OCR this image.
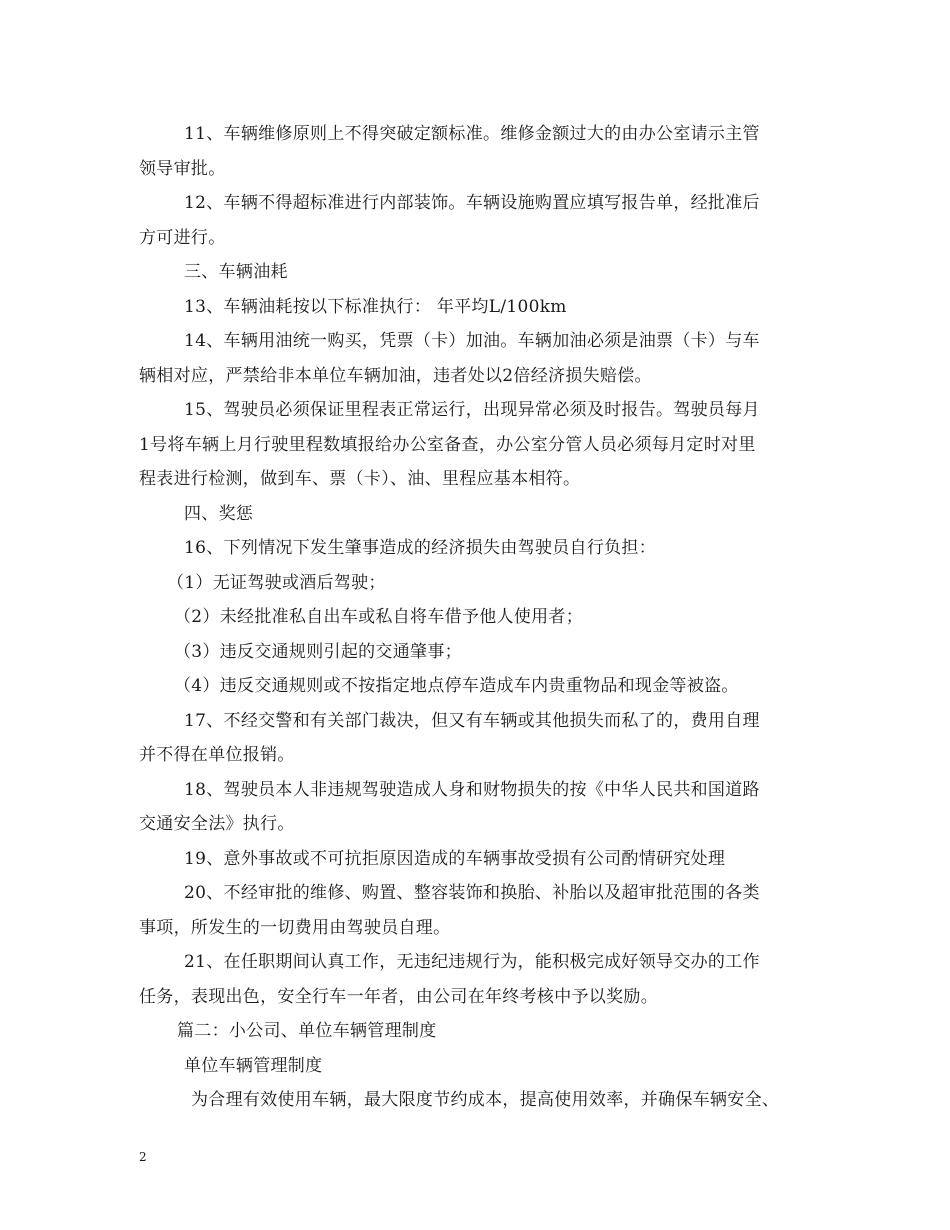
11、车辆维修原则上不得突破定额标准。维修金额过大的由办公室请示主管
领导审批。
12、车辆不得超标准进行内部装饰。车辆设施购置应填写报告单，经批准后
方可进行。
三、车辆油耗
13、车辆油耗按以下标准执行： 年平均L/100km
14、车辆用油统一购买，凭票（卡）加油。车辆加油必须是油票（卡）与车
辆相对应，严禁给非本单位车辆加油，违者处以2倍经济损失赔偿。
15、驾驶员必须保证里程表正常运行，出现异常必须及时报告。驾驶员每月
1号将车辆上月行驶里程数填报给办公室备查，办公室分管人员必须每月定时对里
程表进行检测，做到车、票（卡）、油、里程应基本相符。
四、奖惩
16、下列情况下发生肇事造成的经济损失由驾驶员自行负担：
（1）无证驾驶或酒后驾驶；
（2）未经批准私自出车或私自将车借予他人使用者；
（3）违反交通规则引起的交通肇事；
（4）违反交通规则或不按指定地点停车造成车内贵重物品和现金等被盗。
17、不经交警和有关部门裁决，但又有车辆或其他损失而私了的，费用自理
并不得在单位报销。
18、驾驶员本人非违规驾驶造成人身和财物损失的按《中华人民共和国道路
交通安全法》执行。
19、意外事故或不可抗拒原因造成的车辆事故受损有公司酌情研究处理
20、不经审批的维修、购置、整容装饰和换胎、补胎以及超审批范围的各类
事项，所发生的一切费用由驾驶员自理。
21、在任职期间认真工作，无违纪违规行为，能积极完成好领导交办的工作
任务，表现出色，安全行车一年者，由公司在年终考核中予以奖励。
篇二：小公司、单位车辆管理制度
单位车辆管理制度
为合理有效使用车辆，最大限度节约成本，提高使用效率，并确保车辆安全、
2
